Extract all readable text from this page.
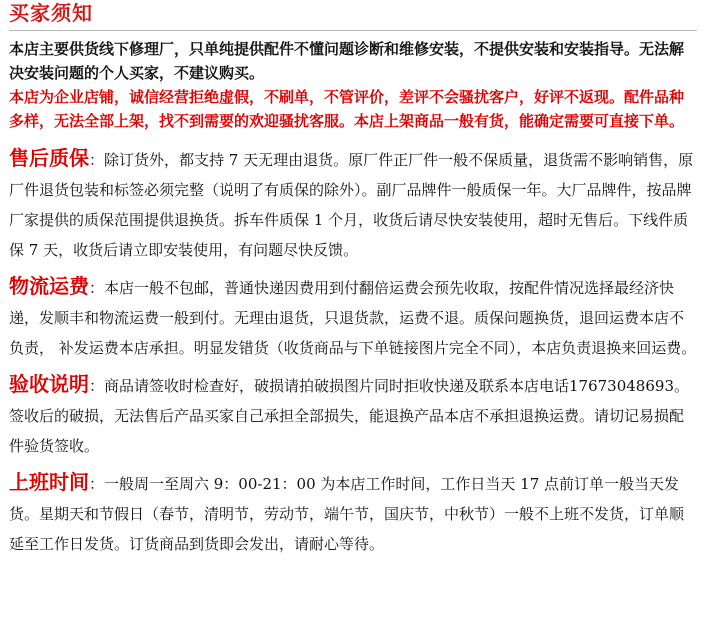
买家须知

本店主要供货线下修理厂，只单纯提供配件不懂问题诊断和维修安装，不提供安装和安装指导。无法解决安装问题的个人买家，不建议购买。

本店为企业店铺，诚信经营拒绝虚假，不刷单，不管评价，差评不会骚扰客户，好评不返现。配件品种多样，无法全部上架，找不到需要的欢迎骚扰客服。本店上架商品一般有货，能确定需要可直接下单。

售后质保：除订货外，都支持 7 天无理由退货。原厂件正厂件一般不保质量，退货需不影响销售，原厂件退货包装和标签必须完整（说明了有质保的除外）。副厂品牌件一般质保一年。大厂品牌件，按品牌厂家提供的质保范围提供退换货。拆车件质保 1 个月，收货后请尽快安装使用，超时无售后。下线件质保 7 天，收货后请立即安装使用，有问题尽快反馈。

物流运费：本店一般不包邮，普通快递因费用到付翻倍运费会预先收取，按配件情况选择最经济快递，发顺丰和物流运费一般到付。无理由退货，只退货款，运费不退。质保问题换货，退回运费本店不负责， 补发运费本店承担。明显发错货（收货商品与下单链接图片完全不同），本店负责退换来回运费。

验收说明：商品请签收时检查好，破损请拍破损图片同时拒收快递及联系本店电话17673048693。签收后的破损，无法售后产品买家自己承担全部损失，能退换产品本店不承担退换运费。请切记易损配件验货签收。

上班时间：一般周一至周六 9：00-21：00 为本店工作时间，工作日当天 17 点前订单一般当天发货。星期天和节假日（春节，清明节，劳动节，端午节，国庆节，中秋节）一般不上班不发货，订单顺延至工作日发货。订货商品到货即会发出，请耐心等待。
